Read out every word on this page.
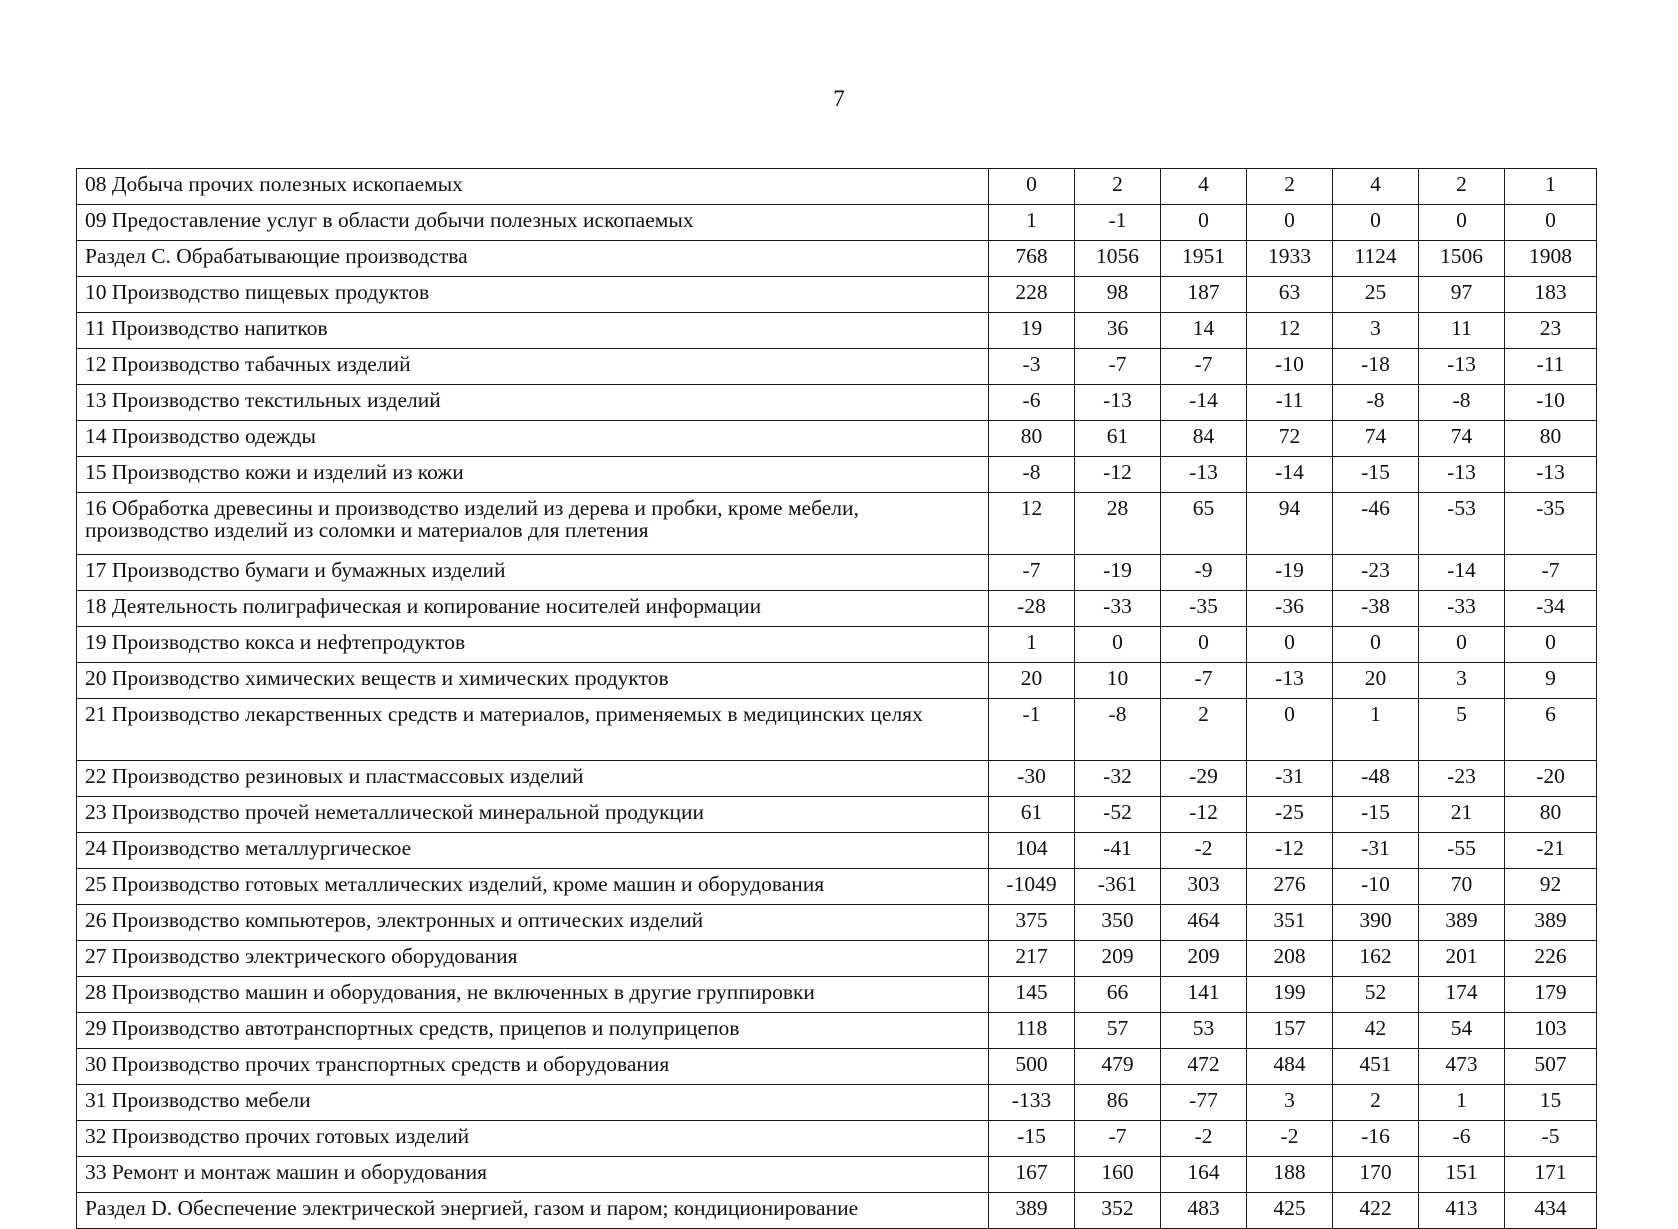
7
08 Добыча прочих полезных ископаемых	0	2	4	2	4	2	1
09 Предоставление услуг в области добычи полезных ископаемых	1	-1	0	0	0	0	0
Раздел С. Обрабатывающие производства	768	1056	1951	1933	1124	1506	1908
10 Производство пищевых продуктов	228	98	187	63	25	97	183
11 Производство напитков	19	36	14	12	3	11	23
12 Производство табачных изделий	-3	-7	-7	-10	-18	-13	-11
13 Производство текстильных изделий	-6	-13	-14	-11	-8	-8	-10
14 Производство одежды	80	61	84	72	74	74	80
15 Производство кожи и изделий из кожи	-8	-12	-13	-14	-15	-13	-13
16 Обработка древесины и производство изделий из дерева и пробки, кроме мебели, производство изделий из соломки и материалов для плетения	12	28	65	94	-46	-53	-35
17 Производство бумаги и бумажных изделий	-7	-19	-9	-19	-23	-14	-7
18 Деятельность полиграфическая и копирование носителей информации	-28	-33	-35	-36	-38	-33	-34
19 Производство кокса и нефтепродуктов	1	0	0	0	0	0	0
20 Производство химических веществ и химических продуктов	20	10	-7	-13	20	3	9
21 Производство лекарственных средств и материалов, применяемых в медицинских целях	-1	-8	2	0	1	5	6
22 Производство резиновых и пластмассовых изделий	-30	-32	-29	-31	-48	-23	-20
23 Производство прочей неметаллической минеральной продукции	61	-52	-12	-25	-15	21	80
24 Производство металлургическое	104	-41	-2	-12	-31	-55	-21
25 Производство готовых металлических изделий, кроме машин и оборудования	-1049	-361	303	276	-10	70	92
26 Производство компьютеров, электронных и оптических изделий	375	350	464	351	390	389	389
27 Производство электрического оборудования	217	209	209	208	162	201	226
28 Производство машин и оборудования, не включенных в другие группировки	145	66	141	199	52	174	179
29 Производство автотранспортных средств, прицепов и полуприцепов	118	57	53	157	42	54	103
30 Производство прочих транспортных средств и оборудования	500	479	472	484	451	473	507
31 Производство мебели	-133	86	-77	3	2	1	15
32 Производство прочих готовых изделий	-15	-7	-2	-2	-16	-6	-5
33 Ремонт и монтаж машин и оборудования	167	160	164	188	170	151	171
Раздел D. Обеспечение электрической энергией, газом и паром; кондиционирование	389	352	483	425	422	413	434
